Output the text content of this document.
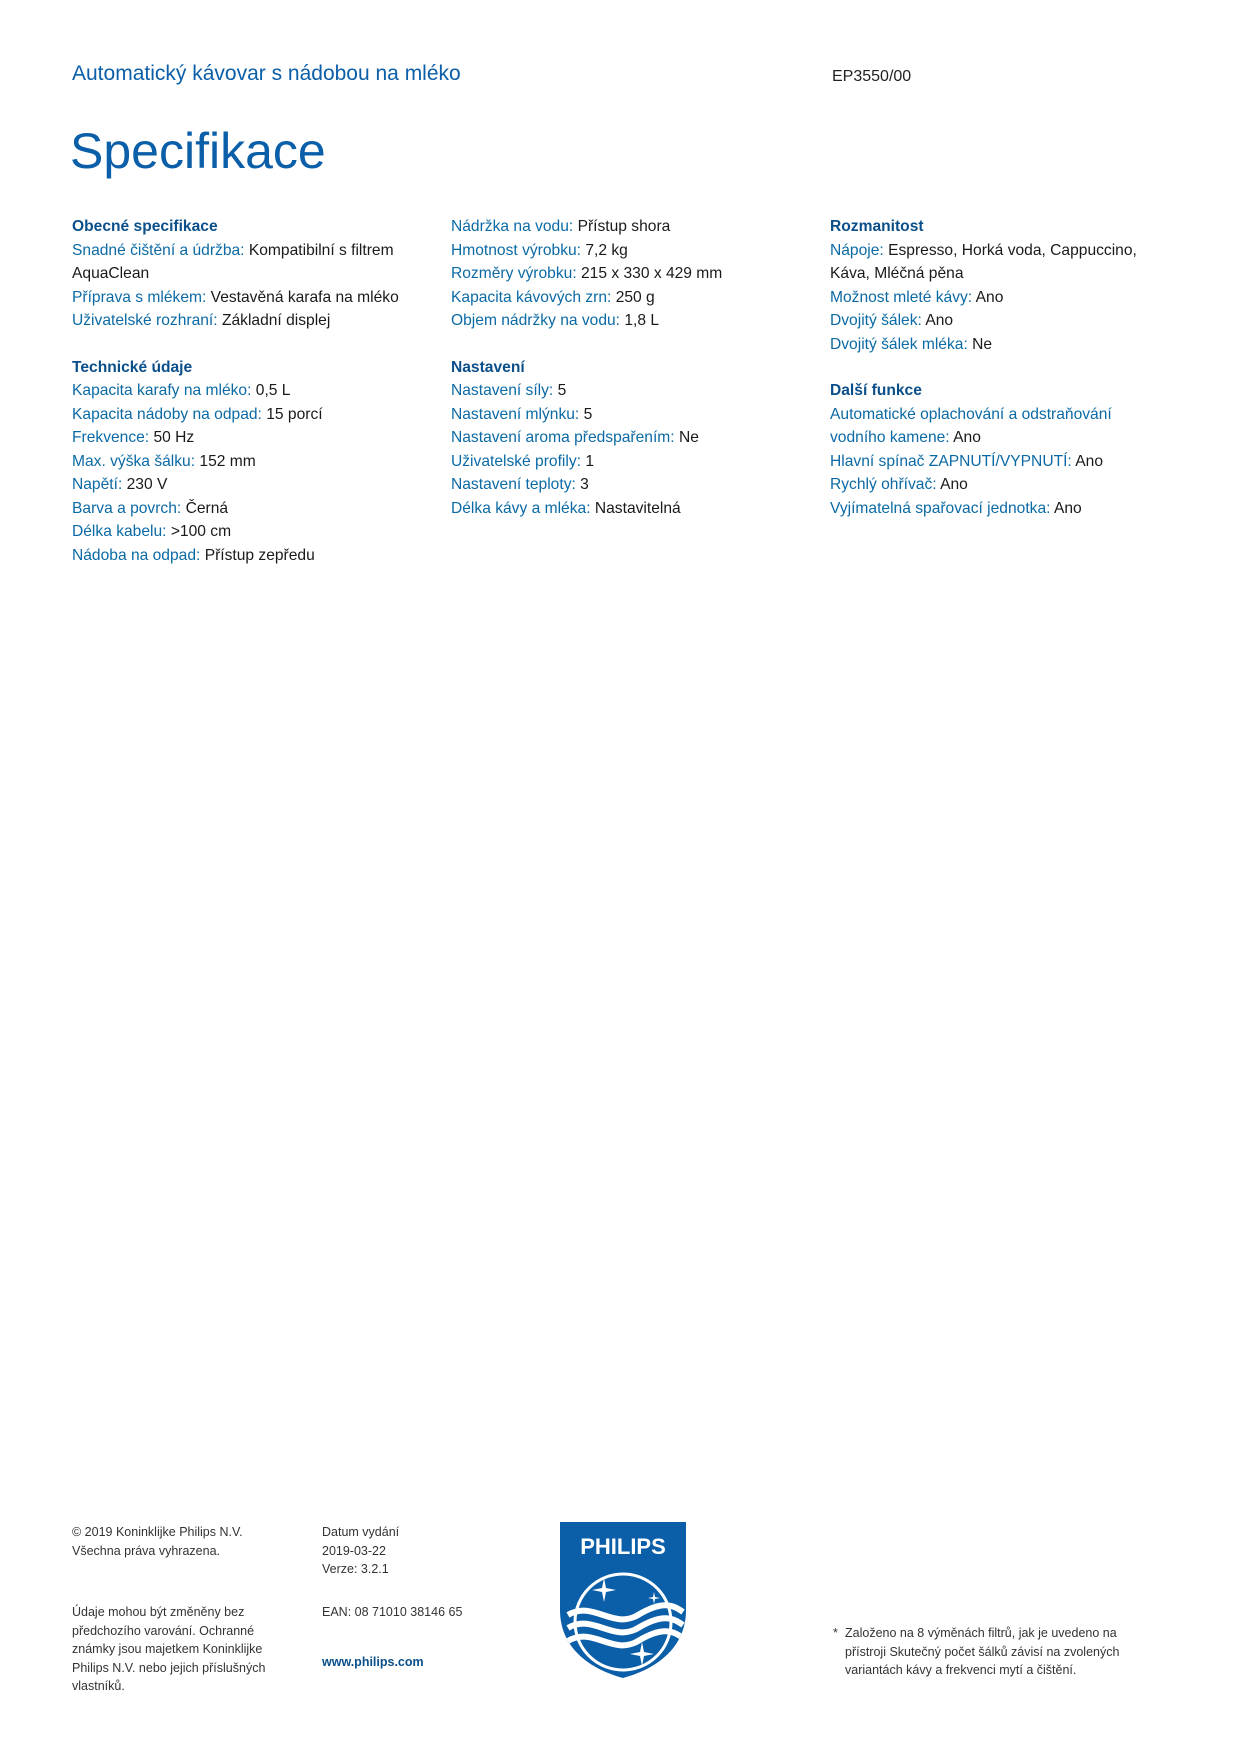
Automatický kávovar s nádobou na mléko	EP3550/00
Specifikace
Obecné specifikace
Snadné čištění a údržba: Kompatibilní s filtrem AquaClean
Příprava s mlékem: Vestavěná karafa na mléko
Uživatelské rozhraní: Základní displej
Technické údaje
Kapacita karafy na mléko: 0,5 L
Kapacita nádoby na odpad: 15 porcí
Frekvence: 50 Hz
Max. výška šálku: 152 mm
Napětí: 230 V
Barva a povrch: Černá
Délka kabelu: >100 cm
Nádoba na odpad: Přístup zepředu
Nádržka na vodu: Přístup shora
Hmotnost výrobku: 7,2 kg
Rozměry výrobku: 215 x 330 x 429 mm
Kapacita kávových zrn: 250 g
Objem nádržky na vodu: 1,8 L
Nastavení
Nastavení síly: 5
Nastavení mlýnku: 5
Nastavení aroma předspařením: Ne
Uživatelské profily: 1
Nastavení teploty: 3
Délka kávy a mléka: Nastavitelná
Rozmanitost
Nápoje: Espresso, Horká voda, Cappuccino, Káva, Mléčná pěna
Možnost mleté kávy: Ano
Dvojitý šálek: Ano
Dvojitý šálek mléka: Ne
Další funkce
Automatické oplachování a odstraňování vodního kamene: Ano
Hlavní spínač ZAPNUTÍ/VYPNUTÍ: Ano
Rychlý ohřívač: Ano
Vyjímatelná spařovací jednotka: Ano
© 2019 Koninklijke Philips N.V.
Všechna práva vyhrazena.
Údaje mohou být změněny bez předchozího varování. Ochranné známky jsou majetkem Koninklijke Philips N.V. nebo jejich příslušných vlastníků.
Datum vydání
2019-03-22
Verze: 3.2.1
EAN: 08 71010 38146 65
www.philips.com
* Založeno na 8 výměnách filtrů, jak je uvedeno na přístroji Skutečný počet šálků závisí na zvolených variantách kávy a frekvenci mytí a čištění.
PHILIPS
